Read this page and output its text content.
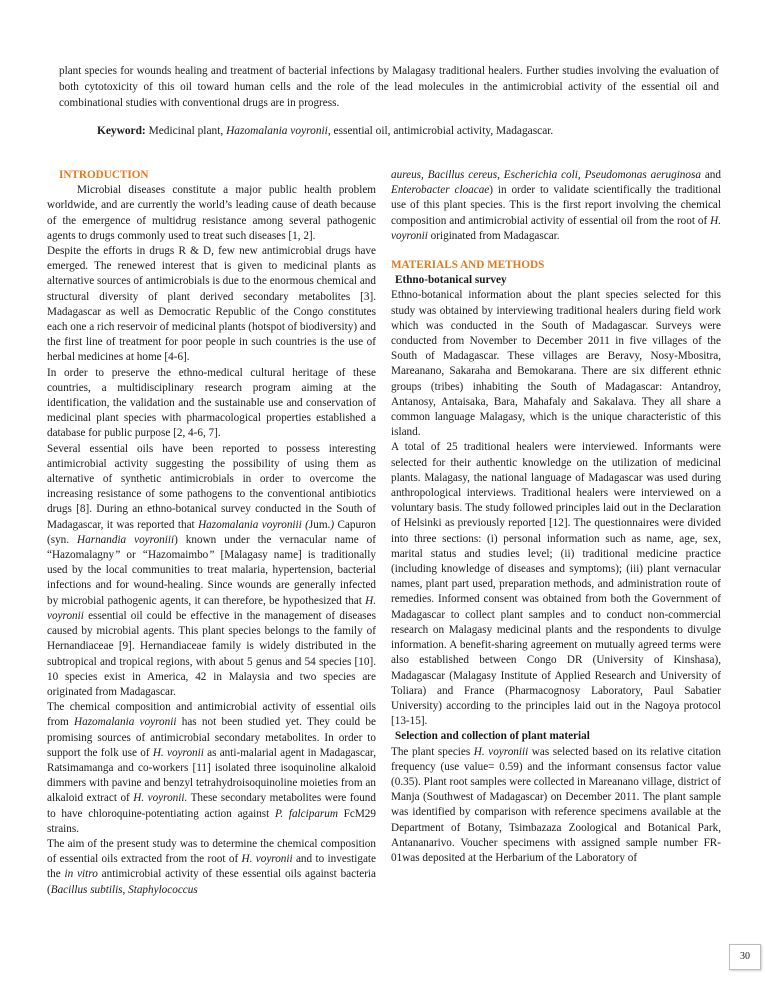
plant species for wounds healing and treatment of bacterial infections by Malagasy traditional healers. Further studies involving the evaluation of both cytotoxicity of this oil toward human cells and the role of the lead molecules in the antimicrobial activity of the essential oil and combinational studies with conventional drugs are in progress.
Keyword: Medicinal plant, Hazomalania voyronii, essential oil, antimicrobial activity, Madagascar.

INTRODUCTION

Microbial diseases constitute a major public health problem worldwide, and are currently the world’s leading cause of death because of the emergence of multidrug resistance among several pathogenic agents to drugs commonly used to treat such diseases [1, 2].

Despite the efforts in drugs R & D, few new antimicrobial drugs have emerged. The renewed interest that is given to medicinal plants as alternative sources of antimicrobials is due to the enormous chemical and structural diversity of plant derived secondary metabolites [3]. Madagascar as well as Democratic Republic of the Congo constitutes each one a rich reservoir of medicinal plants (hotspot of biodiversity) and the first line of treatment for poor people in such countries is the use of herbal medicines at home [4-6].

In order to preserve the ethno-medical cultural heritage of these countries, a multidisciplinary research program aiming at the identification, the validation and the sustainable use and conservation of medicinal plant species with pharmacological properties established a database for public purpose [2, 4-6, 7].

Several essential oils have been reported to possess interesting antimicrobial activity suggesting the possibility of using them as alternative of synthetic antimicrobials in order to overcome the increasing resistance of some pathogens to the conventional antibiotics drugs [8]. During an ethno-botanical survey conducted in the South of Madagascar, it was reported that Hazomalania voyroniii (Jum.) Capuron (syn. Harnandia voyroniii) known under the vernacular name of “Hazomalagny” or “Hazomaimbo” [Malagasy name] is traditionally used by the local communities to treat malaria, hypertension, bacterial infections and for wound-healing. Since wounds are generally infected by microbial pathogenic agents, it can therefore, be hypothesized that H. voyronii essential oil could be effective in the management of diseases caused by microbial agents. This plant species belongs to the family of Hernandiaceae [9]. Hernandiaceae family is widely distributed in the subtropical and tropical regions, with about 5 genus and 54 species [10]. 10 species exist in America, 42 in Malaysia and two species are originated from Madagascar.

The chemical composition and antimicrobial activity of essential oils from Hazomalania voyronii has not been studied yet. They could be promising sources of antimicrobial secondary metabolites. In order to support the folk use of H. voyronii as anti-malarial agent in Madagascar, Ratsimamanga and co-workers [11] isolated three isoquinoline alkaloid dimmers with pavine and benzyl tetrahydroisoquinoline moieties from an alkaloid extract of H. voyronii. These secondary metabolites were found to have chloroquine-potentiating action against P. falciparum FcM29 strains.

The aim of the present study was to determine the chemical composition of essential oils extracted from the root of H. voyronii and to investigate the in vitro antimicrobial activity of these essential oils against bacteria (Bacillus subtilis, Staphylococcus

aureus, Bacillus cereus, Escherichia coli, Pseudomonas aeruginosa and Enterobacter cloacae) in order to validate scientifically the traditional use of this plant species. This is the first report involving the chemical composition and antimicrobial activity of essential oil from the root of H. voyronii originated from Madagascar.

MATERIALS AND METHODS

Ethno-botanical survey

Ethno-botanical information about the plant species selected for this study was obtained by interviewing traditional healers during field work which was conducted in the South of Madagascar. Surveys were conducted from November to December 2011 in five villages of the South of Madagascar. These villages are Beravy, Nosy-Mbositra, Mareanano, Sakaraha and Bemokarana. There are six different ethnic groups (tribes) inhabiting the South of Madagascar: Antandroy, Antanosy, Antaisaka, Bara, Mahafaly and Sakalava. They all share a common language Malagasy, which is the unique characteristic of this island.

A total of 25 traditional healers were interviewed. Informants were selected for their authentic knowledge on the utilization of medicinal plants. Malagasy, the national language of Madagascar was used during anthropological interviews. Traditional healers were interviewed on a voluntary basis. The study followed principles laid out in the Declaration of Helsinki as previously reported [12]. The questionnaires were divided into three sections: (i) personal information such as name, age, sex, marital status and studies level; (ii) traditional medicine practice (including knowledge of diseases and symptoms); (iii) plant vernacular names, plant part used, preparation methods, and administration route of remedies. Informed consent was obtained from both the Government of Madagascar to collect plant samples and to conduct non-commercial research on Malagasy medicinal plants and the respondents to divulge information. A benefit-sharing agreement on mutually agreed terms were also established between Congo DR (University of Kinshasa), Madagascar (Malagasy Institute of Applied Research and University of Toliara) and France (Pharmacognosy Laboratory, Paul Sabatier University) according to the principles laid out in the Nagoya protocol [13-15].

Selection and collection of plant material

The plant species H. voyroniii was selected based on its relative citation frequency (use value= 0.59) and the informant consensus factor value (0.35). Plant root samples were collected in Mareanano village, district of Manja (Southwest of Madagascar) on December 2011. The plant sample was identified by comparison with reference specimens available at the Department of Botany, Tsimbazaza Zoological and Botanical Park, Antananarivo. Voucher specimens with assigned sample number FR-01was deposited at the Herbarium of the Laboratory of

30
